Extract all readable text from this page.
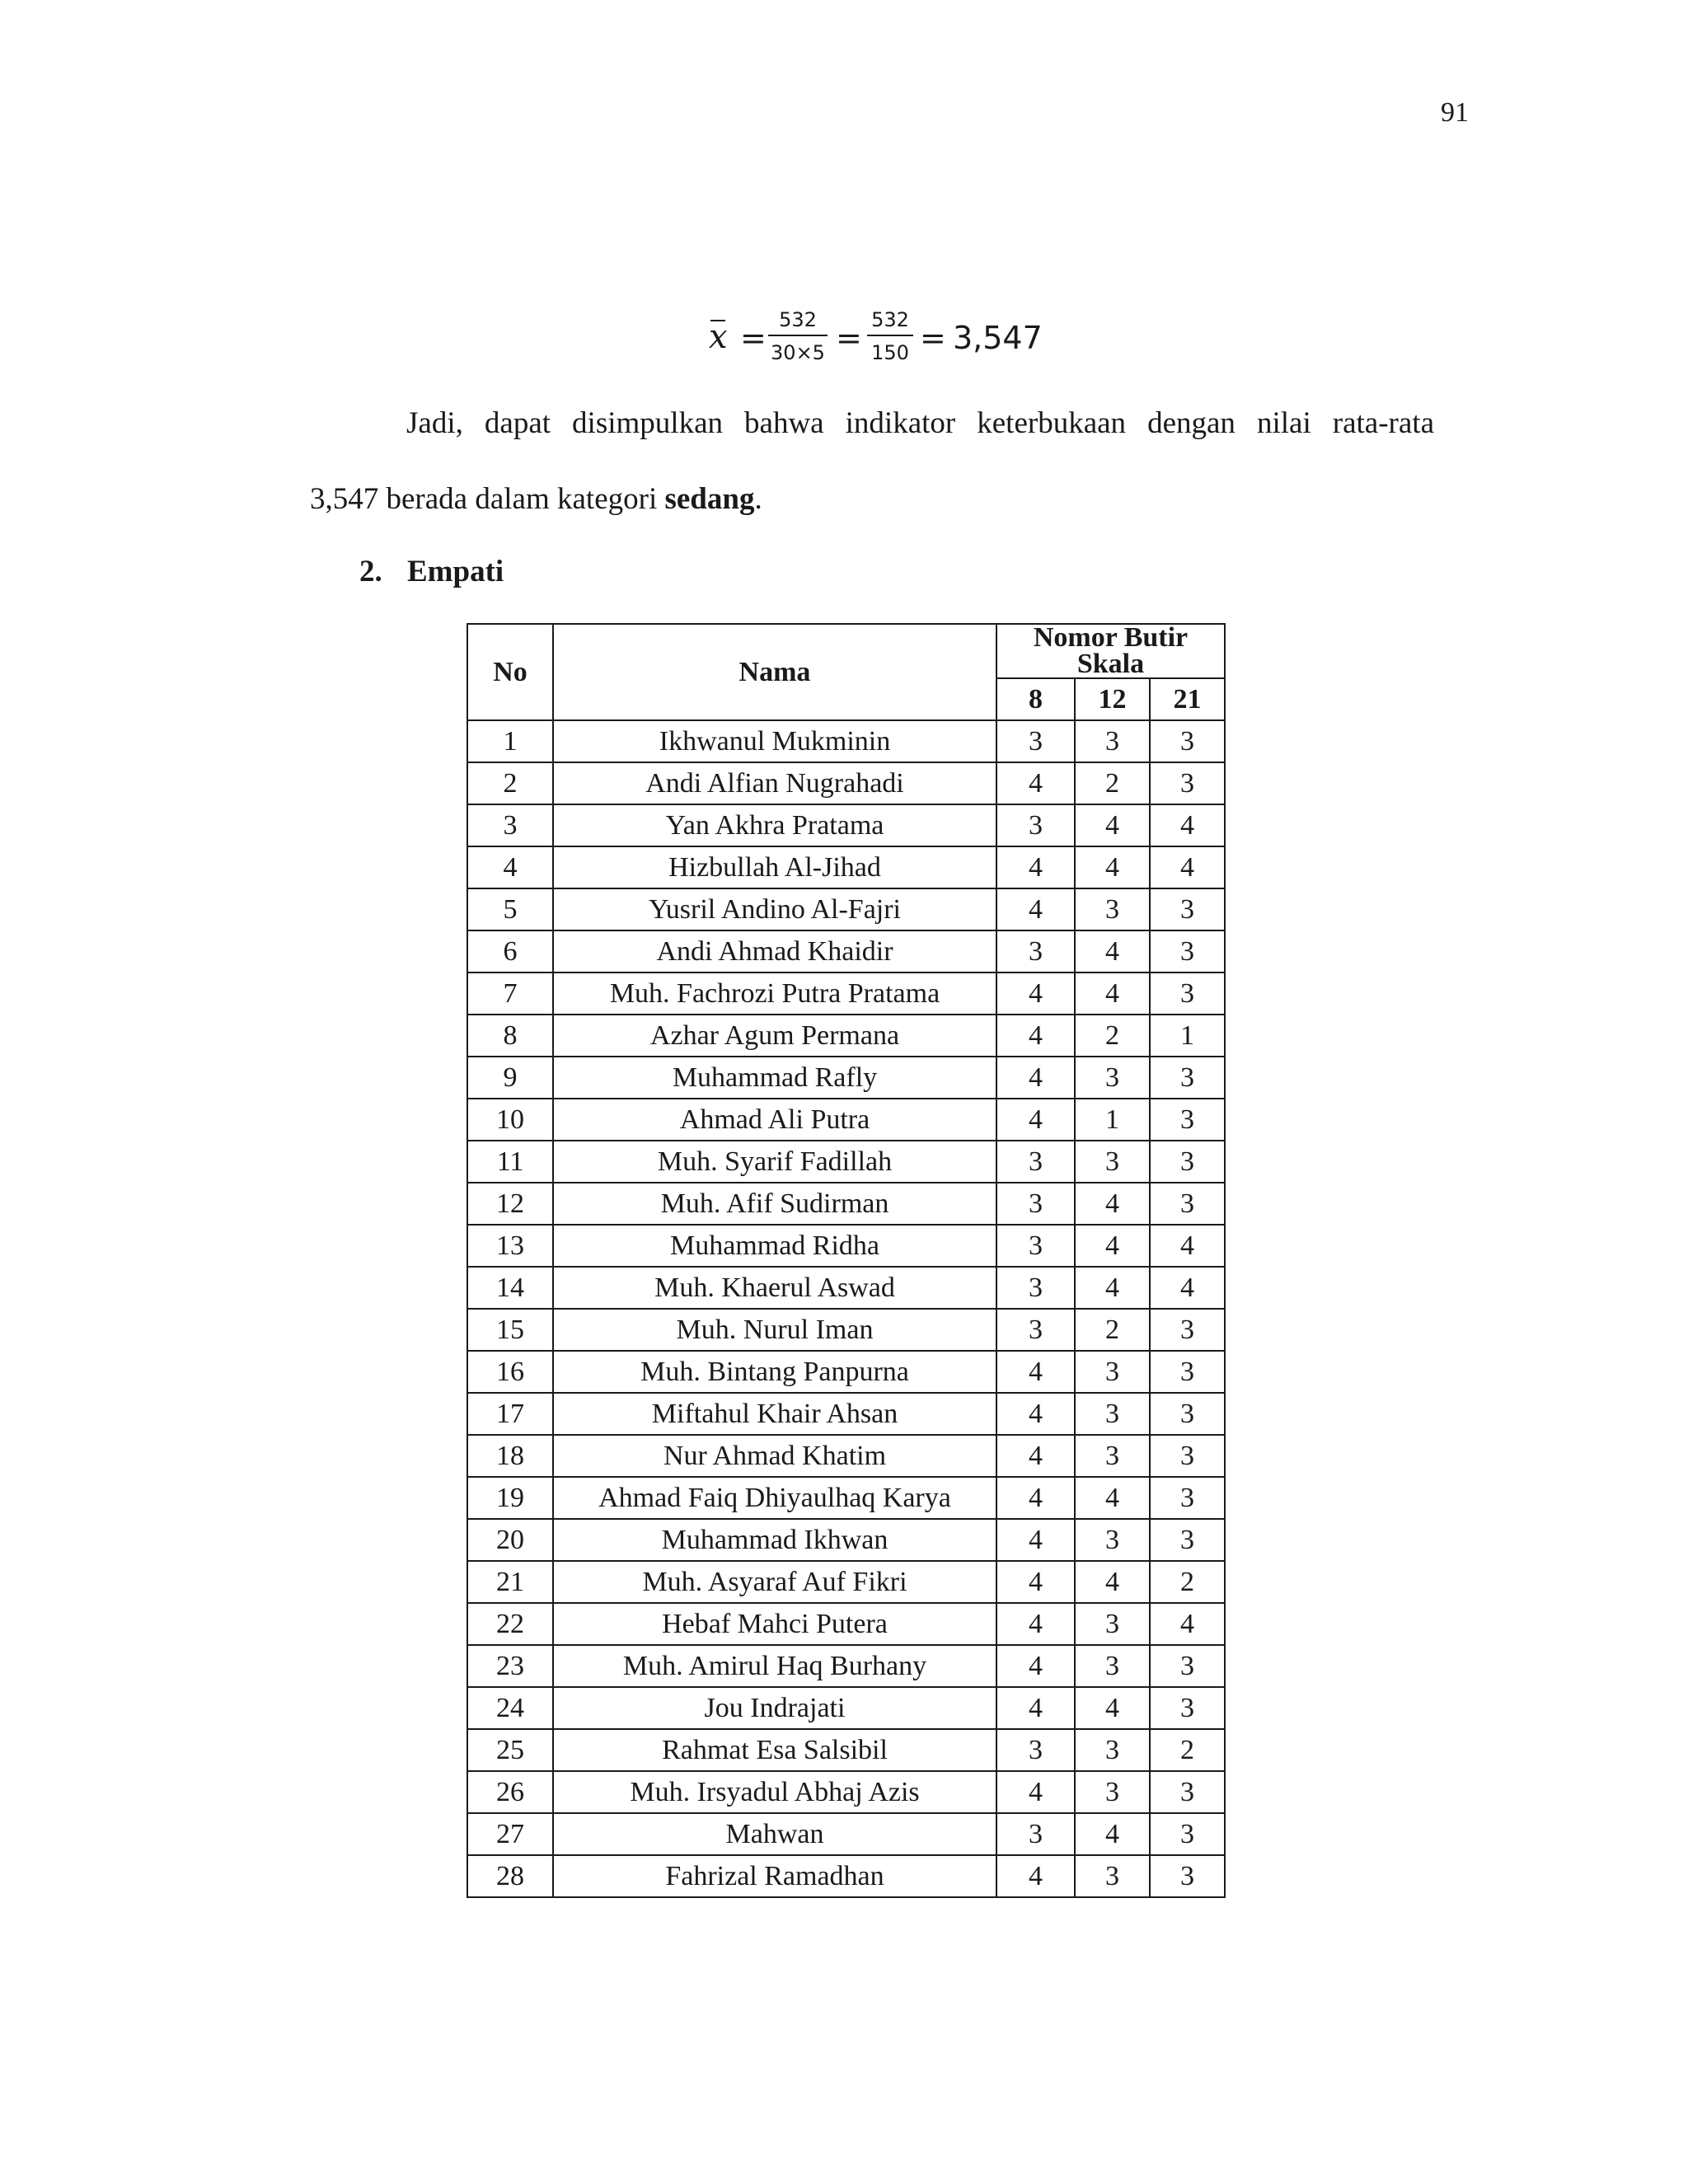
91
$x = \frac{532}{30\times 5} = \frac{532}{150} = 3,547$
Jadi, dapat disimpulkan bahwa indikator keterbukaan dengan nilai rata-rata
3,547 berada dalam kategori sedang.
2. Empati
No	Nama	Nomor Butir Skala		
		8	12	21
1	Ikhwanul Mukminin	3	3	3
2	Andi Alfian Nugrahadi	4	2	3
3	Yan Akhra Pratama	3	4	4
4	Hizbullah Al-Jihad	4	4	4
5	Yusril Andino Al-Fajri	4	3	3
6	Andi Ahmad Khaidir	3	4	3
7	Muh. Fachrozi Putra Pratama	4	4	3
8	Azhar Agum Permana	4	2	1
9	Muhammad Rafly	4	3	3
10	Ahmad Ali Putra	4	1	3
11	Muh. Syarif Fadillah	3	3	3
12	Muh. Afif Sudirman	3	4	3
13	Muhammad Ridha	3	4	4
14	Muh. Khaerul Aswad	3	4	4
15	Muh. Nurul Iman	3	2	3
16	Muh. Bintang Panpurna	4	3	3
17	Miftahul Khair Ahsan	4	3	3
18	Nur Ahmad Khatim	4	3	3
19	Ahmad Faiq Dhiyaulhaq Karya	4	4	3
20	Muhammad Ikhwan	4	3	3
21	Muh. Asyaraf Auf Fikri	4	4	2
22	Hebaf Mahci Putera	4	3	4
23	Muh. Amirul Haq Burhany	4	3	3
24	Jou Indrajati	4	4	3
25	Rahmat Esa Salsibil	3	3	2
26	Muh. Irsyadul Abhaj Azis	4	3	3
27	Mahwan	3	4	3
28	Fahrizal Ramadhan	4	3	3
